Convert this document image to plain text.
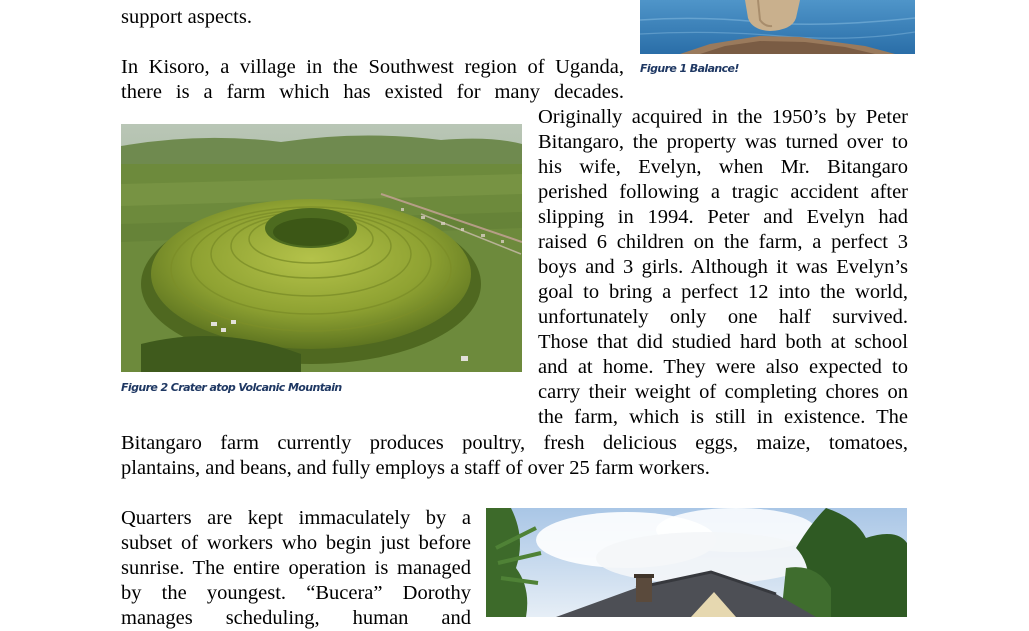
support aspects.

Figure 1 Balance!

In Kisoro, a village in the Southwest region of Uganda,

there is a farm which has existed for many decades.

Figure 2 Crater atop Volcanic Mountain

Originally acquired in the 1950’s by Peter

Bitangaro, the property was turned over to

his wife, Evelyn, when Mr. Bitangaro

perished following a tragic accident after

slipping in 1994. Peter and Evelyn had

raised 6 children on the farm, a perfect 3

boys and 3 girls. Although it was Evelyn’s

goal to bring a perfect 12 into the world,

unfortunately only one half survived.

Those that did studied hard both at school

and at home. They were also expected to

carry their weight of completing chores on

the farm, which is still in existence. The

Bitangaro farm currently produces poultry, fresh delicious eggs, maize, tomatoes,

plantains, and beans, and fully employs a staff of over 25 farm workers.

Quarters are kept immaculately by a

subset of workers who begin just before

sunrise. The entire operation is managed

by the youngest. “Bucera” Dorothy

manages scheduling, human and
